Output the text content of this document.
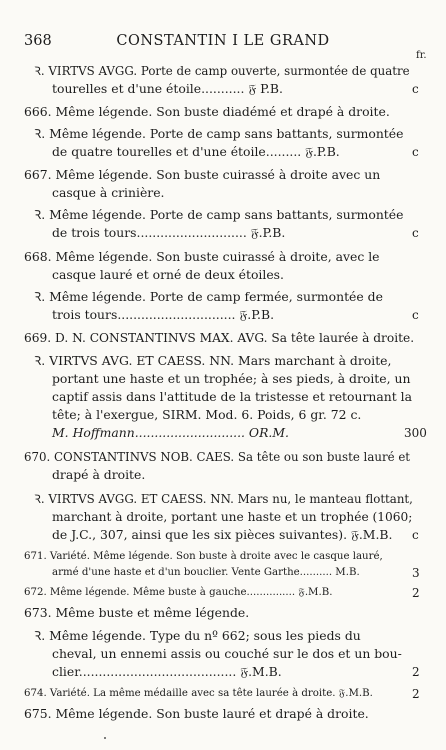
368	CONSTANTIN I LE GRAND
fr.
Ꝛ. VIRTVS AVGG. Porte de camp ouverte, surmontée de quatre
tourelles et d'une étoile........... 𝔉 P.B.	c
666. Même légende. Son buste diadémé et drapé à droite.
Ꝛ. Même légende. Porte de camp sans battants, surmontée
de quatre tourelles et d'une étoile......... 𝔉.P.B.	c
667. Même légende. Son buste cuirassé à droite avec un
casque à crinière.
Ꝛ. Même légende. Porte de camp sans battants, surmontée
de trois tours............................ 𝔉.P.B.	c
668. Même légende. Son buste cuirassé à droite, avec le
casque lauré et orné de deux étoiles.
Ꝛ. Même légende. Porte de camp fermée, surmontée de
trois tours.............................. 𝔉.P.B.	c
669. D. N. CONSTANTINVS MAX. AVG. Sa tête laurée à droite.
Ꝛ. VIRTVS AVG. ET CAESS. NN. Mars marchant à droite,
portant une haste et un trophée; à ses pieds, à droite, un
captif assis dans l'attitude de la tristesse et retournant la
tête; à l'exergue, SIRM. Mod. 6. Poids, 6 gr. 72 c.
M. Hoffmann............................ OR.M.	300
670. CONSTANTINVS NOB. CAES. Sa tête ou son buste lauré et
drapé à droite.
Ꝛ. VIRTVS AVGG. ET CAESS. NN. Mars nu, le manteau flottant,
marchant à droite, portant une haste et un trophée (1060;
de J.C., 307, ainsi que les six pièces suivantes). 𝔉.M.B. c
671. Variété. Même légende. Son buste à droite avec le casque lauré,
armé d'une haste et d'un bouclier. Vente Garthe.......... M.B.	3
672. Même légende. Même buste à gauche............... 𝔉.M.B.	2
673. Même buste et même légende.
Ꝛ. Même légende. Type du nº 662; sous les pieds du
cheval, un ennemi assis ou couché sur le dos et un bou-
clier........................................ 𝔉.M.B.	2
674. Variété. La même médaille avec sa tête laurée à droite. 𝔉.M.B.	2
675. Même légende. Son buste lauré et drapé à droite.
